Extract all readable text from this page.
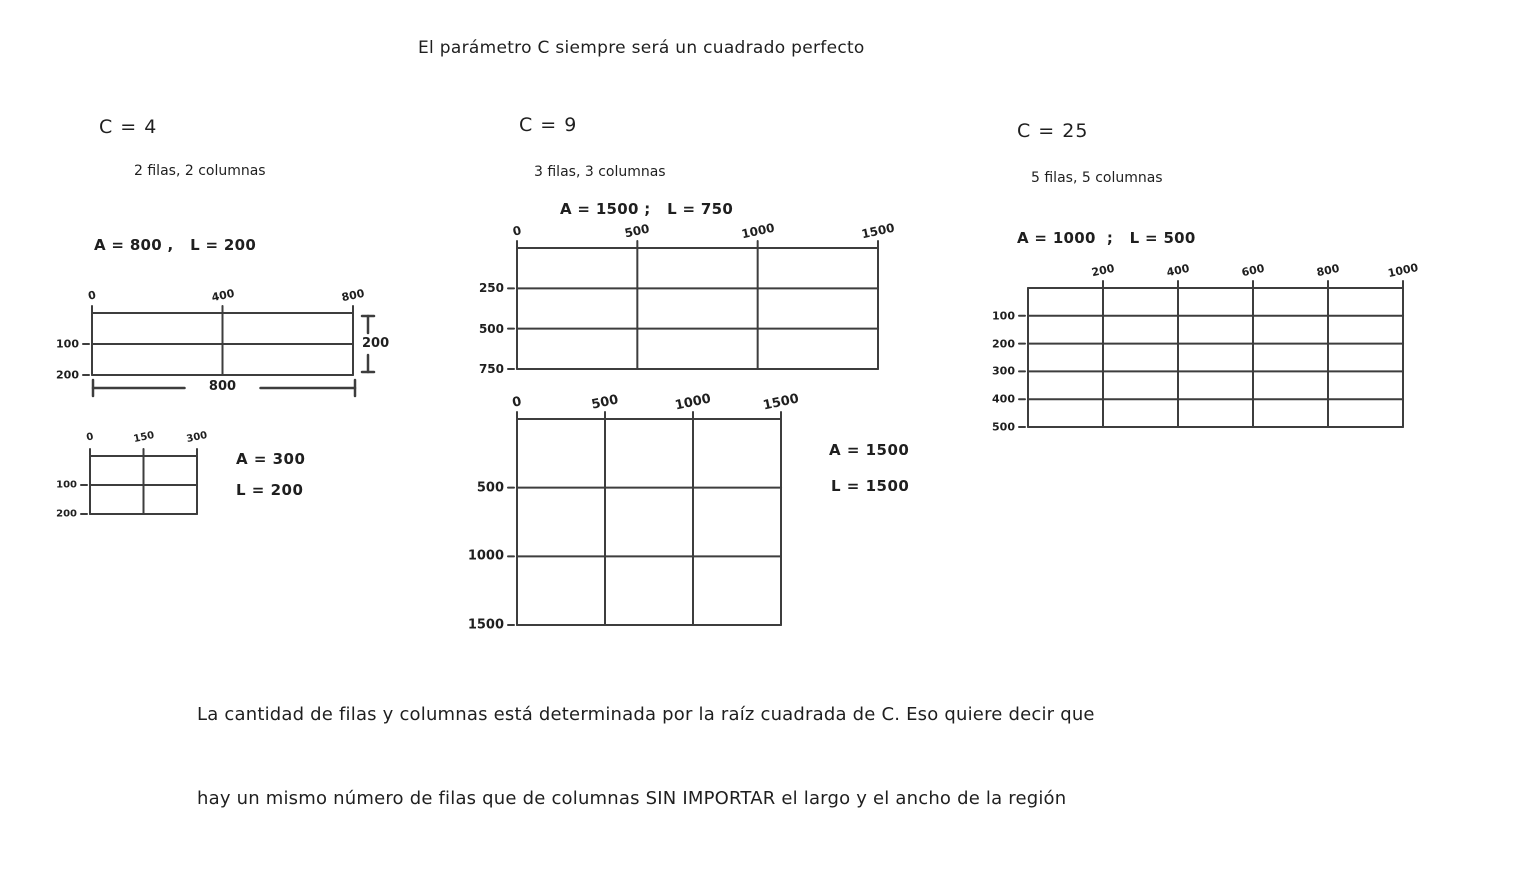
El parámetro C siempre será un cuadrado perfecto
C = 4
2 filas, 2 columnas
A = 800 ,   L = 200
0	400	800
100
200
200
800
0	150	300
100
200
A = 300
L = 200
C = 9
3 filas, 3 columnas
A = 1500 ;   L = 750
0	500	1000	1500
250
500
750
0	500	1000	1500
500
1000
1500
A = 1500
L = 1500
C = 25
5 filas, 5 columnas
A = 1000  ;   L = 500
200	400	600	800	1000
100
200
300
400
500

La cantidad de filas y columnas está determinada por la raíz cuadrada de C. Eso quiere decir que

hay un mismo número de filas que de columnas SIN IMPORTAR el largo y el ancho de la región
